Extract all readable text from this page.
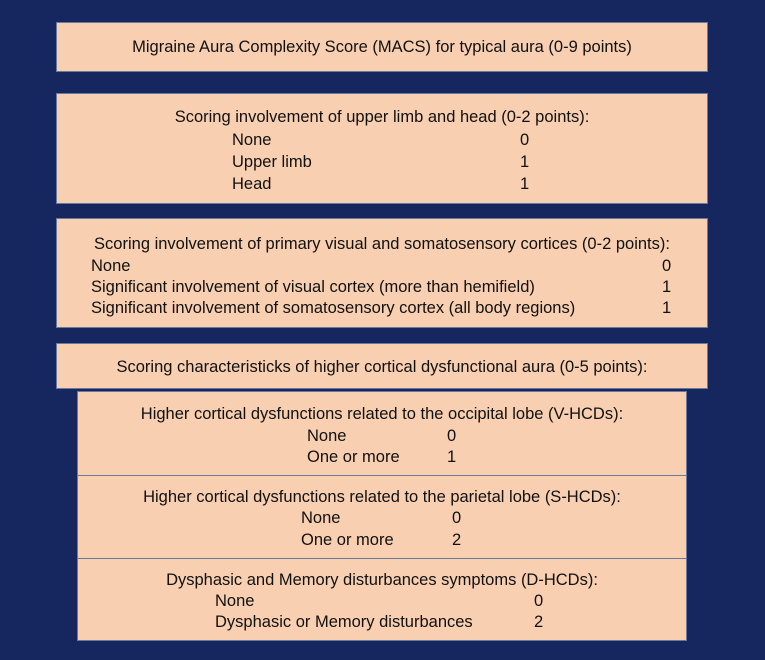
Migraine Aura Complexity Score (MACS) for typical aura (0-9 points)
Scoring involvement of upper limb and head (0-2 points):
None	0
Upper limb	1
Head	1
Scoring involvement of primary visual and somatosensory cortices (0-2 points):
None	0
Significant involvement of visual cortex (more than hemifield)	1
Significant involvement of somatosensory cortex (all body regions)	1
Scoring characteristicks of higher cortical dysfunctional aura (0-5 points):
Higher cortical dysfunctions related to the occipital lobe (V-HCDs):
None	0
One or more	1
Higher cortical dysfunctions related to the parietal lobe (S-HCDs):
None	0
One or more	2
Dysphasic and Memory disturbances symptoms (D-HCDs):
None	0
Dysphasic or Memory disturbances	2
